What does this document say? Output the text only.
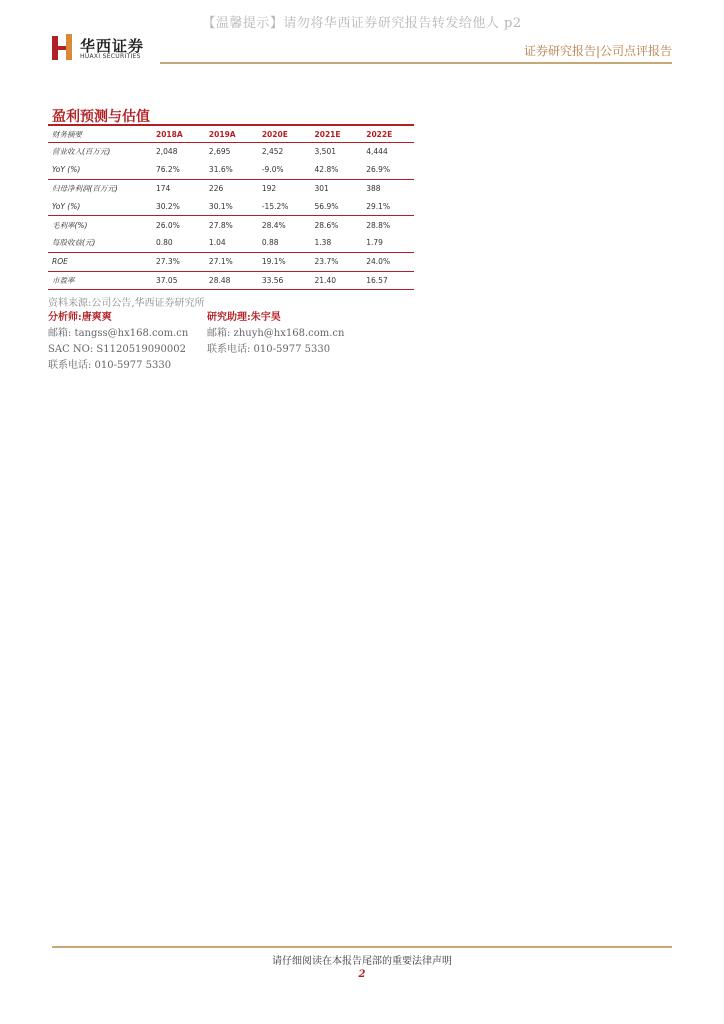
【温馨提示】请勿将华西证券研究报告转发给他人 p2
华西证券
HUAXI SECURITIES	证券研究报告|公司点评报告
盈利预测与估值
财务摘要	2018A	2019A	2020E	2021E	2022E
营业收入(百万元)	2,048	2,695	2,452	3,501	4,444
YoY (%)	76.2%	31.6%	-9.0%	42.8%	26.9%
归母净利润(百万元)	174	226	192	301	388
YoY (%)	30.2%	30.1%	-15.2%	56.9%	29.1%
毛利率(%)	26.0%	27.8%	28.4%	28.6%	28.8%
每股收益(元)	0.80	1.04	0.88	1.38	1.79
ROE	27.3%	27.1%	19.1%	23.7%	24.0%
市盈率	37.05	28.48	33.56	21.40	16.57
资料来源:公司公告,华西证券研究所
分析师:唐爽爽
邮箱: tangss@hx168.com.cn
SAC NO: S1120519090002
联系电话: 010-5977 5330
研究助理:朱宇昊
邮箱: zhuyh@hx168.com.cn
联系电话: 010-5977 5330
请仔细阅读在本报告尾部的重要法律声明
2
